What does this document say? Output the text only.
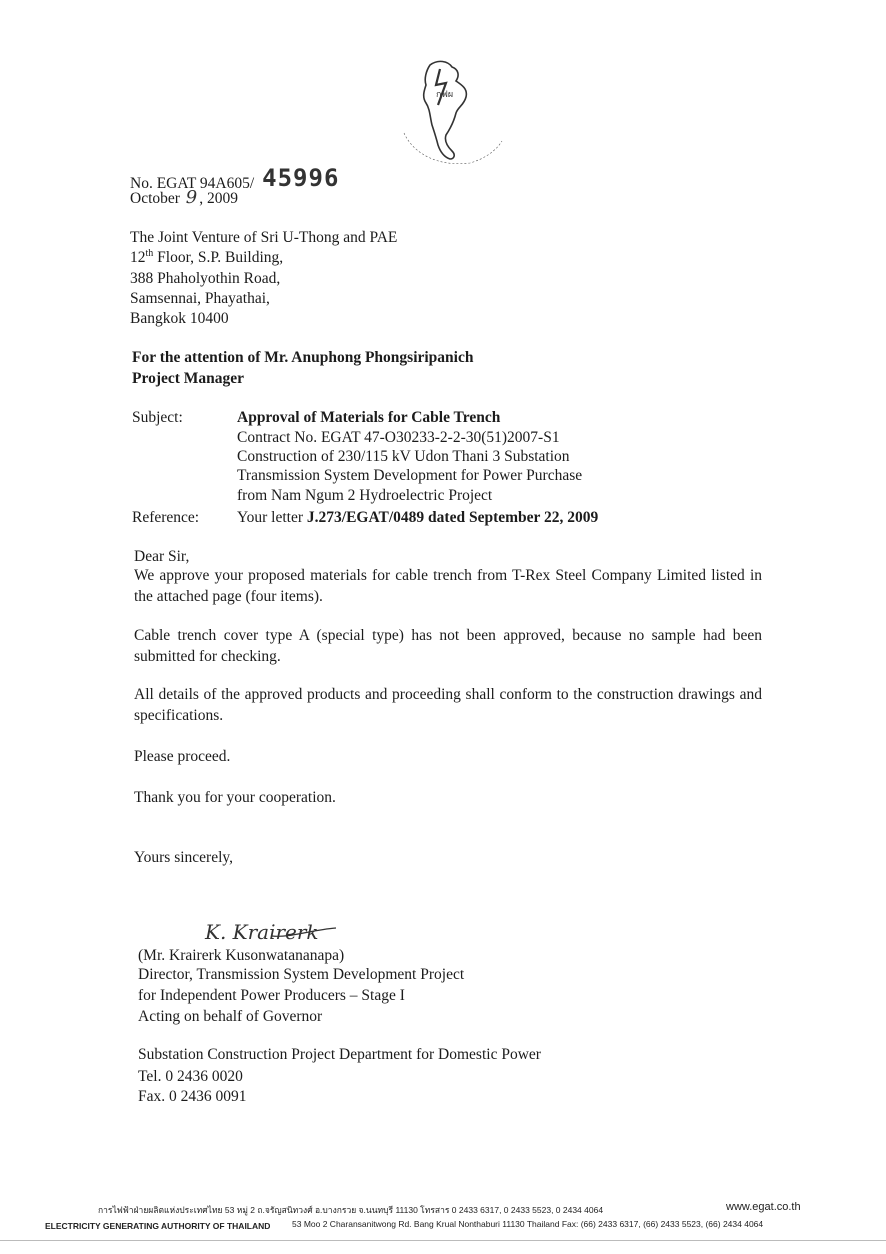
กฟผ
No. EGAT 94A605/ 45996
October 9 , 2009
The Joint Venture of Sri U-Thong and PAE
12th Floor, S.P. Building,
388 Phaholyothin Road,
Samsennai, Phayathai,
Bangkok 10400
For the attention of Mr. Anuphong Phongsiripanich
Project Manager
Subject:	Approval of Materials for Cable Trench
Contract No. EGAT 47-O30233-2-2-30(51)2007-S1
Construction of 230/115 kV Udon Thani 3 Substation
Transmission System Development for Power Purchase
from Nam Ngum 2 Hydroelectric Project
Reference: Your letter J.273/EGAT/0489 dated September 22, 2009
Dear Sir,
We approve your proposed materials for cable trench from T-Rex Steel Company Limited listed in the attached page (four items).
Cable trench cover type A (special type) has not been approved, because no sample had been submitted for checking.
All details of the approved products and proceeding shall conform to the construction drawings and specifications.
Please proceed.
Thank you for your cooperation.
Yours sincerely,
K. Krairerk
(Mr. Krairerk Kusonwatananapa)
Director, Transmission System Development Project
for Independent Power Producers – Stage I
Acting on behalf of Governor
Substation Construction Project Department for Domestic Power
Tel. 0 2436 0020
Fax. 0 2436 0091
การไฟฟ้าฝ่ายผลิตแห่งประเทศไทย 53 หมู่ 2 ถ.จรัญสนิทวงศ์ อ.บางกรวย จ.นนทบุรี 11130 โทรสาร 0 2433 6317, 0 2433 5523, 0 2434 4064	www.egat.co.th
ELECTRICITY GENERATING AUTHORITY OF THAILAND	53 Moo 2 Charansanitwong Rd. Bang Krual Nonthaburi 11130 Thailand Fax: (66) 2433 6317, (66) 2433 5523, (66) 2434 4064
